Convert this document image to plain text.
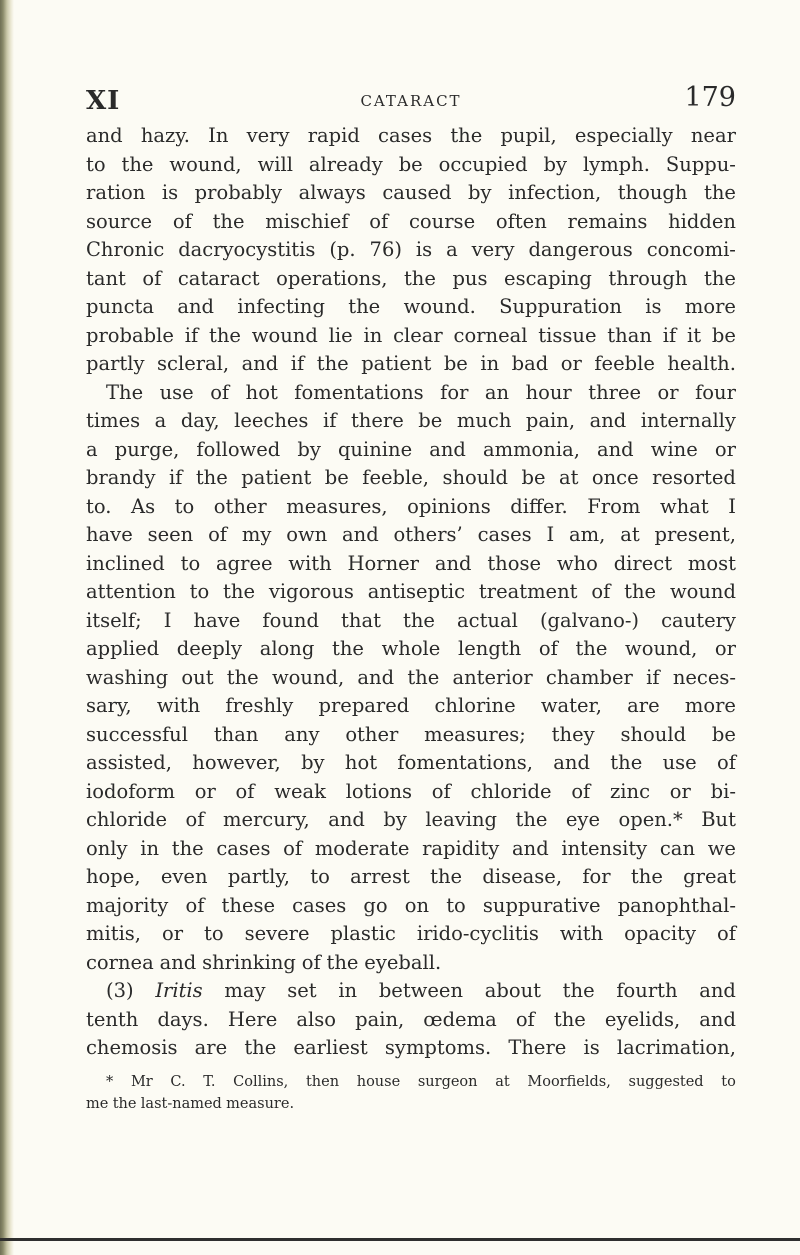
XI	CATARACT	179
and hazy. In very rapid cases the pupil, especially near
to the wound, will already be occupied by lymph. Suppu-
ration is probably always caused by infection, though the
source of the mischief of course often remains hidden
Chronic dacryocystitis (p. 76) is a very dangerous concomi-
tant of cataract operations, the pus escaping through the
puncta and infecting the wound. Suppuration is more
probable if the wound lie in clear corneal tissue than if it be
partly scleral, and if the patient be in bad or feeble health.
The use of hot fomentations for an hour three or four
times a day, leeches if there be much pain, and internally
a purge, followed by quinine and ammonia, and wine or
brandy if the patient be feeble, should be at once resorted
to. As to other measures, opinions differ. From what I
have seen of my own and others’ cases I am, at present,
inclined to agree with Horner and those who direct most
attention to the vigorous antiseptic treatment of the wound
itself; I have found that the actual (galvano-) cautery
applied deeply along the whole length of the wound, or
washing out the wound, and the anterior chamber if neces-
sary, with freshly prepared chlorine water, are more
successful than any other measures; they should be
assisted, however, by hot fomentations, and the use of
iodoform or of weak lotions of chloride of zinc or bi-
chloride of mercury, and by leaving the eye open.* But
only in the cases of moderate rapidity and intensity can we
hope, even partly, to arrest the disease, for the great
majority of these cases go on to suppurative panophthal-
mitis, or to severe plastic irido-cyclitis with opacity of
cornea and shrinking of the eyeball.
(3) Iritis may set in between about the fourth and
tenth days. Here also pain, œdema of the eyelids, and
chemosis are the earliest symptoms. There is lacrimation,
* Mr C. T. Collins, then house surgeon at Moorfields, suggested to
me the last-named measure.
